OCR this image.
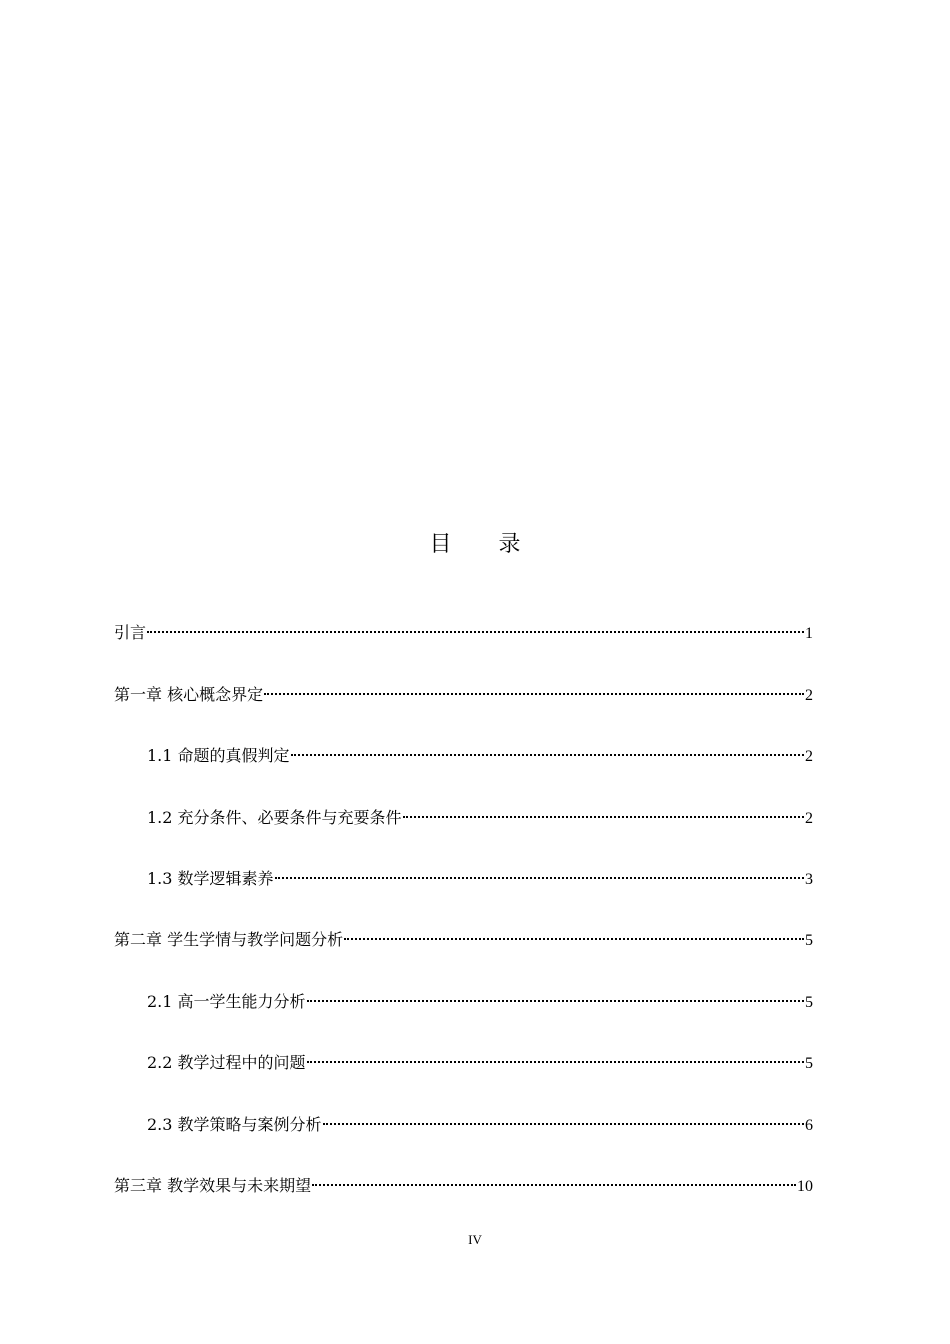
目 录
引言	1
第一章 核心概念界定	2
1.1 命题的真假判定	2
1.2 充分条件、必要条件与充要条件	2
1.3 数学逻辑素养	3
第二章 学生学情与教学问题分析	5
2.1 高一学生能力分析	5
2.2 教学过程中的问题	5
2.3 教学策略与案例分析	6
第三章 教学效果与未来期望	10
IV
